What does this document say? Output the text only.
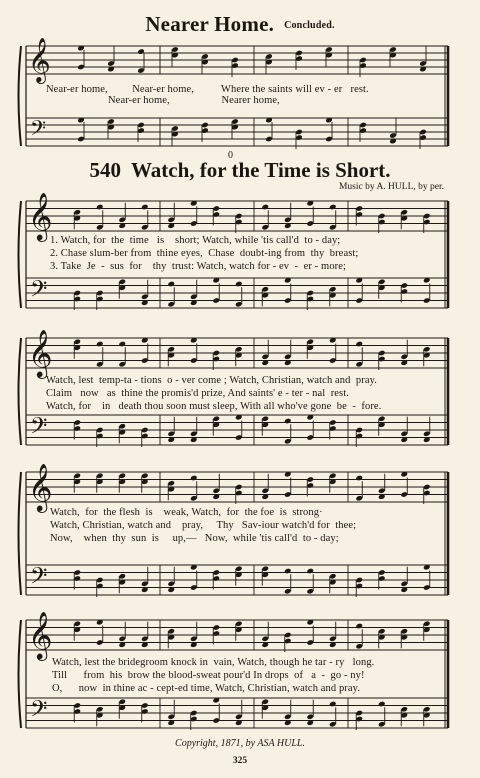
𝄞
𝄢
𝄞
𝄢
𝄞
𝄢
𝄞
𝄢
𝄞
𝄢
Nearer Home. Concluded.
Near-er home,         Near-er home,          Where the saints will ev - er   rest.
Near-er home,                   Nearer home,
0
540 Watch, for the Time is Short.
Music by A. HULL, by per.
1. Watch, for  the  time   is    short; Watch, while 'tis call'd  to - day;
2. Chase slum-ber from  thine eyes,  Chase  doubt-ing from  thy  breast;
3. Take  Je  -  sus  for    thy  trust: Watch, watch for - ev  -  er - more;
Watch, lest  temp-ta - tions  o - ver come ; Watch, Christian, watch and  pray.
Claim   now   as  thine the promis'd prize, And saints' e - ter - nal  rest.
Watch, for    in   death thou soon must sleep, With all who've gone  be  -  fore.
Watch,  for  the flesh  is    weak, Watch,  for  the foe  is  strong·
Watch, Christian, watch and    pray,     Thy   Sav-iour watch'd for  thee;
Now,    when  thy  sun  is     up,—   Now,  while 'tis call'd  to - day;
Watch, lest the bridegroom knock in  vain, Watch, though he tar - ry   long.
Till      from  his  brow the blood-sweat pour'd In drops  of   a  -  go - ny!
O,      now  in thine ac - cept-ed time, Watch, Christian, watch and pray.
Copyright, 1871, by ASA HULL.
325
